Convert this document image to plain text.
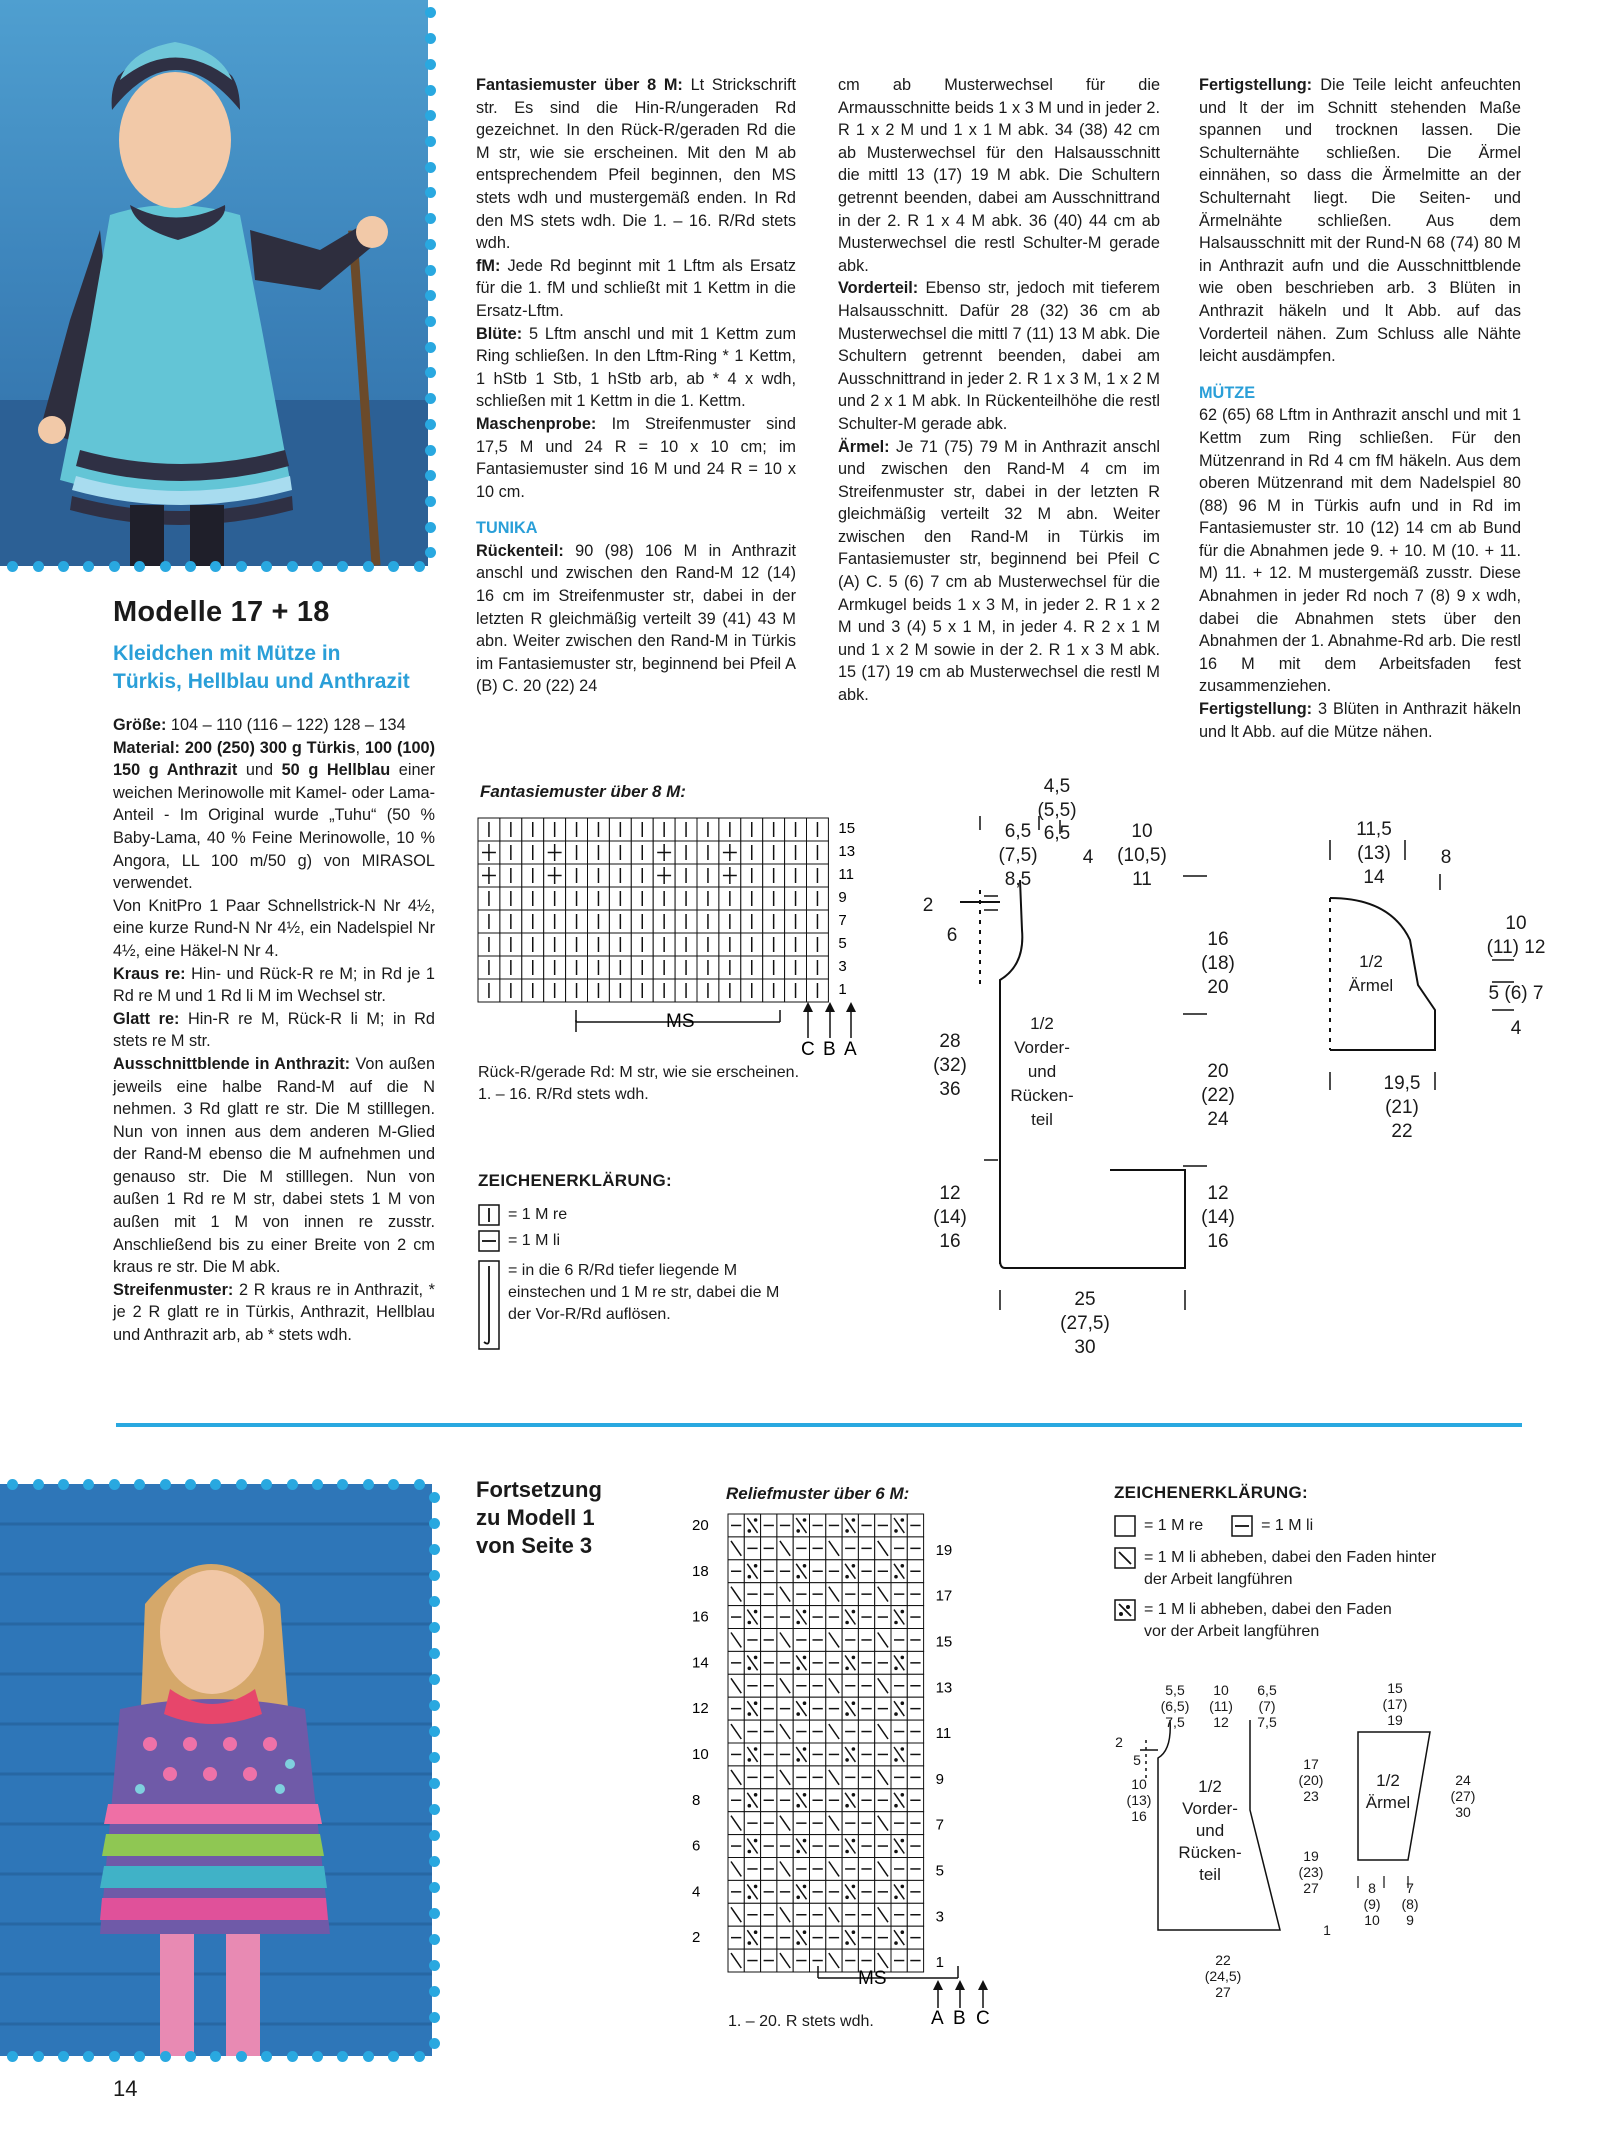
Modelle 17 + 18
Kleidchen mit Mütze in
Türkis, Hellblau und Anthrazit

Größe: 104 – 110 (116 – 122) 128 – 134

Material: 200 (250) 300 g Türkis, 100 (100) 150 g Anthrazit und 50 g Hellblau einer weichen Merinowolle mit Kamel- oder Lama-Anteil - Im Original wurde „Tuhu“ (50 % Baby-Lama, 40 % Feine Merinowolle, 10 % Angora, LL 100 m/50 g) von MIRASOL verwendet.

Von KnitPro 1 Paar Schnellstrick-N Nr 4½, eine kurze Rund-N Nr 4½, ein Nadelspiel Nr 4½, eine Häkel-N Nr 4.

Kraus re: Hin- und Rück-R re M; in Rd je 1 Rd re M und 1 Rd li M im Wechsel str.

Glatt re: Hin-R re M, Rück-R li M; in Rd stets re M str.

Ausschnittblende in Anthrazit: Von außen jeweils eine halbe Rand-M auf die N nehmen. 3 Rd glatt re str. Die M stilllegen. Nun von innen aus dem anderen M-Glied der Rand-M ebenso die M aufnehmen und genauso str. Die M stilllegen. Nun von außen 1 Rd re M str, dabei stets 1 M von außen mit 1 M von innen re zusstr. Anschließend bis zu einer Breite von 2 cm kraus re str. Die M abk.

Streifenmuster: 2 R kraus re in Anthrazit, * je 2 R glatt re in Türkis, Anthrazit, Hellblau und Anthrazit arb, ab * stets wdh.

Fantasiemuster über 8 M: Lt Strickschrift str. Es sind die Hin-R/ungeraden Rd gezeichnet. In den Rück-R/geraden Rd die M str, wie sie erscheinen. Mit den M ab entsprechendem Pfeil beginnen, den MS stets wdh und mustergemäß enden. In Rd den MS stets wdh. Die 1. – 16. R/Rd stets wdh.

fM: Jede Rd beginnt mit 1 Lftm als Ersatz für die 1. fM und schließt mit 1 Kettm in die Ersatz-Lftm.

Blüte: 5 Lftm anschl und mit 1 Kettm zum Ring schließen. In den Lftm-Ring * 1 Kettm, 1 hStb 1 Stb, 1 hStb arb, ab * 4 x wdh, schließen mit 1 Kettm in die 1. Kettm.

Maschenprobe: Im Streifenmuster sind 17,5 M und 24 R = 10 x 10 cm; im Fantasiemuster sind 16 M und 24 R = 10 x 10 cm.

TUNIKA

Rückenteil: 90 (98) 106 M in Anthrazit anschl und zwischen den Rand-M 12 (14) 16 cm im Streifenmuster str, dabei in der letzten R gleichmäßig verteilt 39 (41) 43 M abn. Weiter zwischen den Rand-M in Türkis im Fantasiemuster str, beginnend bei Pfeil A (B) C. 20 (22) 24

cm ab Musterwechsel für die Armausschnitte beids 1 x 3 M und in jeder 2. R 1 x 2 M und 1 x 1 M abk. 34 (38) 42 cm ab Musterwechsel für den Halsausschnitt die mittl 13 (17) 19 M abk. Die Schultern getrennt beenden, dabei am Ausschnittrand in der 2. R 1 x 4 M abk. 36 (40) 44 cm ab Musterwechsel die restl Schulter-M gerade abk.

Vorderteil: Ebenso str, jedoch mit tieferem Halsausschnitt. Dafür 28 (32) 36 cm ab Musterwechsel die mittl 7 (11) 13 M abk. Die Schultern getrennt beenden, dabei am Ausschnittrand in jeder 2. R 1 x 3 M, 1 x 2 M und 2 x 1 M abk. In Rückenteilhöhe die restl Schulter-M gerade abk.

Ärmel: Je 71 (75) 79 M in Anthrazit anschl und zwischen den Rand-M 4 cm im Streifenmuster str, dabei in der letzten R gleichmäßig verteilt 32 M abn. Weiter zwischen den Rand-M in Türkis im Fantasiemuster str, beginnend bei Pfeil C (A) C. 5 (6) 7 cm ab Musterwechsel für die Armkugel beids 1 x 3 M, in jeder 2. R 1 x 2 M und 3 (4) 5 x 1 M, in jeder 4. R 2 x 1 M und 1 x 2 M sowie in der 2. R 1 x 3 M abk. 15 (17) 19 cm ab Musterwechsel die restl M abk.

Fertigstellung: Die Teile leicht anfeuchten und lt der im Schnitt stehenden Maße spannen und trocknen lassen. Die Schulternähte schließen. Die Ärmel einnähen, so dass die Ärmelmitte an der Schulternaht liegt. Die Seiten- und Ärmelnähte schließen. Aus dem Halsausschnitt mit der Rund-N 68 (74) 80 M in Anthrazit aufn und die Ausschnittblende wie oben beschrieben arb. 3 Blüten in Anthrazit häkeln und lt Abb. auf das Vorderteil nähen. Zum Schluss alle Nähte leicht ausdämpfen.

MÜTZE

62 (65) 68 Lftm in Anthrazit anschl und mit 1 Kettm zum Ring schließen. Für den Mützenrand in Rd 4 cm fM häkeln. Aus dem oberen Mützenrand mit dem Nadelspiel 80 (88) 96 M in Türkis aufn und in Rd im Fantasiemuster str. 10 (12) 14 cm ab Bund für die Abnahmen jede 9. + 10. M (10. + 11. M) 11. + 12. M mustergemäß zusstr. Diese Abnahmen in jeder Rd noch 7 (8) 9 x wdh, dabei die Abnahmen stets über den Abnahmen der 1. Abnahme-Rd arb. Die restl 16 M mit dem Arbeitsfaden fest zusammenziehen.

Fertigstellung: 3 Blüten in Anthrazit häkeln und lt Abb. auf die Mütze nähen.

Fantasiemuster über 8 M:
15
13
11
9
7
5
3
1
MS
C B A
Rück-R/gerade Rd: M str, wie sie erscheinen.
1. – 16. R/Rd stets wdh.
ZEICHENERKLÄRUNG:
= 1 M re
= 1 M li
= in die 6 R/Rd tiefer liegende M
einstechen und 1 M re str, dabei die M
der Vor-R/Rd auflösen.
4,5
(5,5)
6,5
(7,5)
8,5
6,5
4
10
(10,5)
11
2
6	16
(18)
20
28
(32)
36
1/2
Vorder-
und
Rücken-
teil
20
(22)
24
12
(14)
16
12
(14)
16
25
(27,5)
30
11,5
(13)
14
8
10
(11) 12
1/2
Ärmel	5 (6) 7
4
19,5
(21)
22
Fortsetzung
zu Modell 1
von Seite 3
Reliefmuster über 6 M:
20
18
16
14
12
10
8
6
4
2
19
17
15
13
11
9
7
5
3
1
MS
A B C
1. – 20. R stets wdh.
ZEICHENERKLÄRUNG:
= 1 M re	= 1 M li
= 1 M li abheben, dabei den Faden hinter
der Arbeit langführen
= 1 M li abheben, dabei den Faden
vor der Arbeit langführen
5,5
(6,5)
7,5
10
(11)
12
6,5
(7)
7,5
2
5
10
(13)
16
1/2
Vorder-
und
Rücken-
teil
17
(20)
23
19
(23)
27
1
22
(24,5)
27
15
(17)
19
1/2
Ärmel
24
(27)
30
8
(9)
10
7
(8)
9
14
